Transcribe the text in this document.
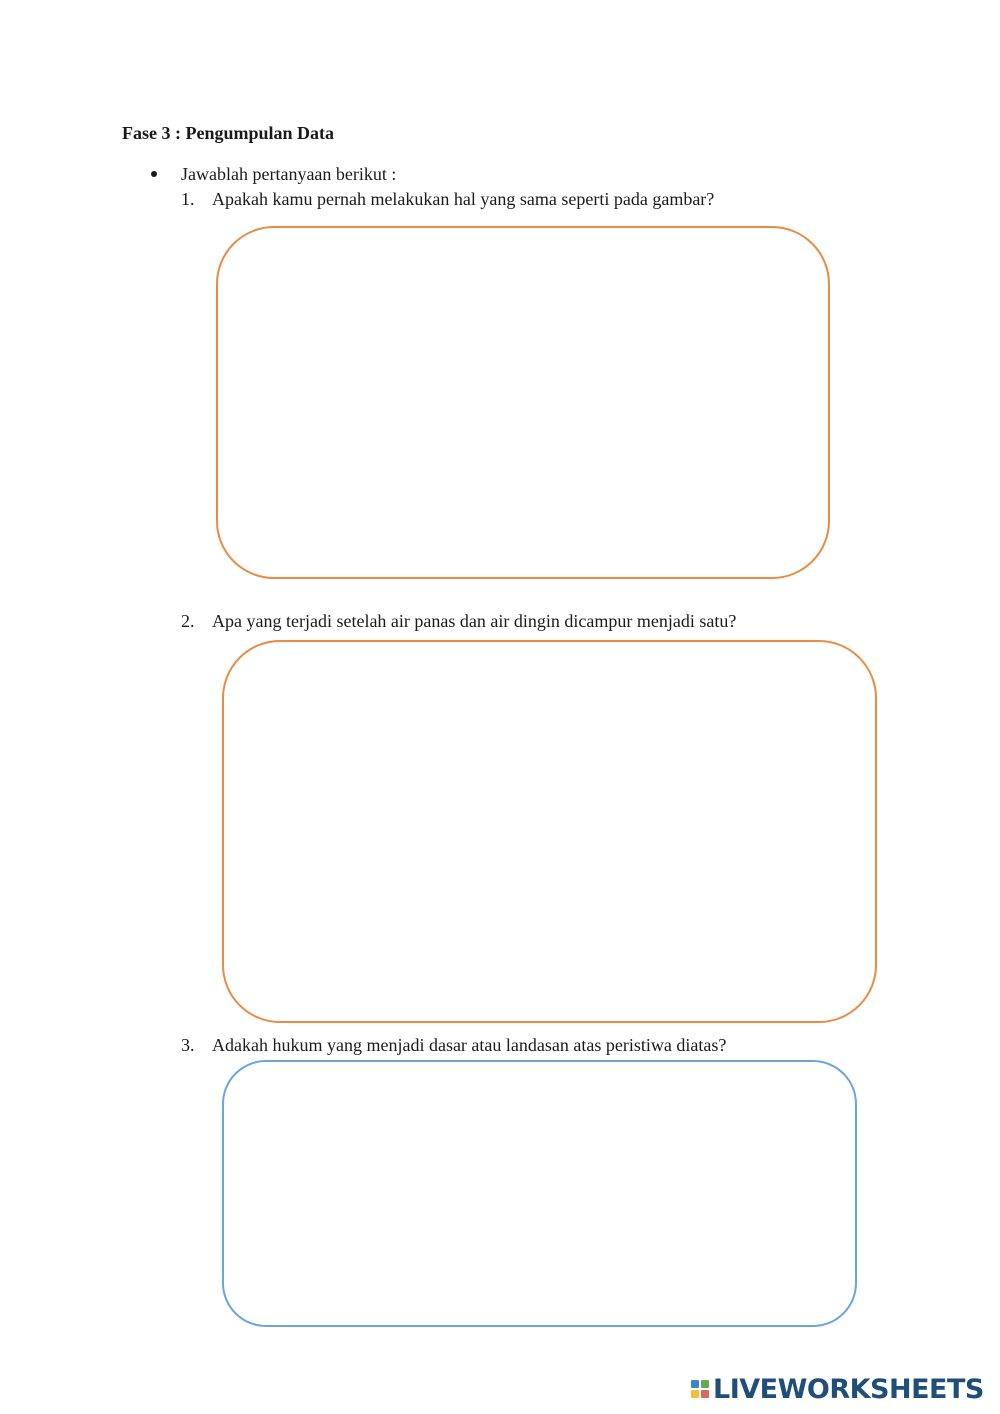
Fase 3 : Pengumpulan Data
Jawablah pertanyaan berikut :
1. Apakah kamu pernah melakukan hal yang sama seperti pada gambar?
2. Apa yang terjadi setelah air panas dan air dingin dicampur menjadi satu?
3. Adakah hukum yang menjadi dasar atau landasan atas peristiwa diatas?
LIVEWORKSHEETS
